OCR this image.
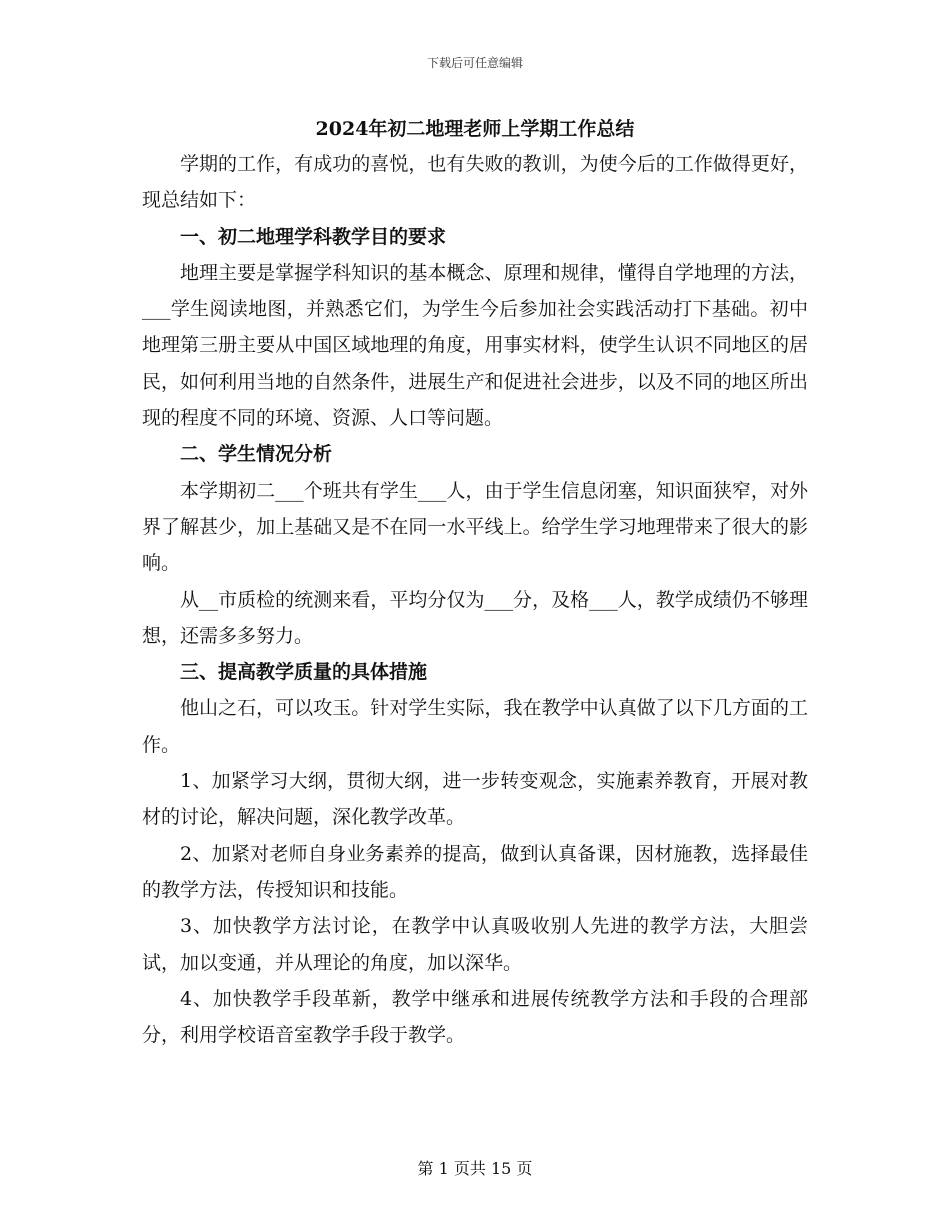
下载后可任意编辑
2024年初二地理老师上学期工作总结

学期的工作，有成功的喜悦，也有失败的教训，为使今后的工作做得更好，现总结如下：

一、初二地理学科教学目的要求

地理主要是掌握学科知识的基本概念、原理和规律，懂得自学地理的方法，___学生阅读地图，并熟悉它们，为学生今后参加社会实践活动打下基础。初中地理第三册主要从中国区域地理的角度，用事实材料，使学生认识不同地区的居民，如何利用当地的自然条件，进展生产和促进社会进步，以及不同的地区所出现的程度不同的环境、资源、人口等问题。

二、学生情况分析

本学期初二___个班共有学生___人，由于学生信息闭塞，知识面狭窄，对外界了解甚少，加上基础又是不在同一水平线上。给学生学习地理带来了很大的影响。

从__市质检的统测来看，平均分仅为___分，及格___人，教学成绩仍不够理想，还需多多努力。

三、提高教学质量的具体措施

他山之石，可以攻玉。针对学生实际，我在教学中认真做了以下几方面的工作。

1、加紧学习大纲，贯彻大纲，进一步转变观念，实施素养教育，开展对教材的讨论，解决问题，深化教学改革。

2、加紧对老师自身业务素养的提高，做到认真备课，因材施教，选择最佳的教学方法，传授知识和技能。

3、加快教学方法讨论，在教学中认真吸收别人先进的教学方法，大胆尝试，加以变通，并从理论的角度，加以深华。

4、加快教学手段革新，教学中继承和进展传统教学方法和手段的合理部分，利用学校语音室教学手段于教学。

第 1 页共 15 页
